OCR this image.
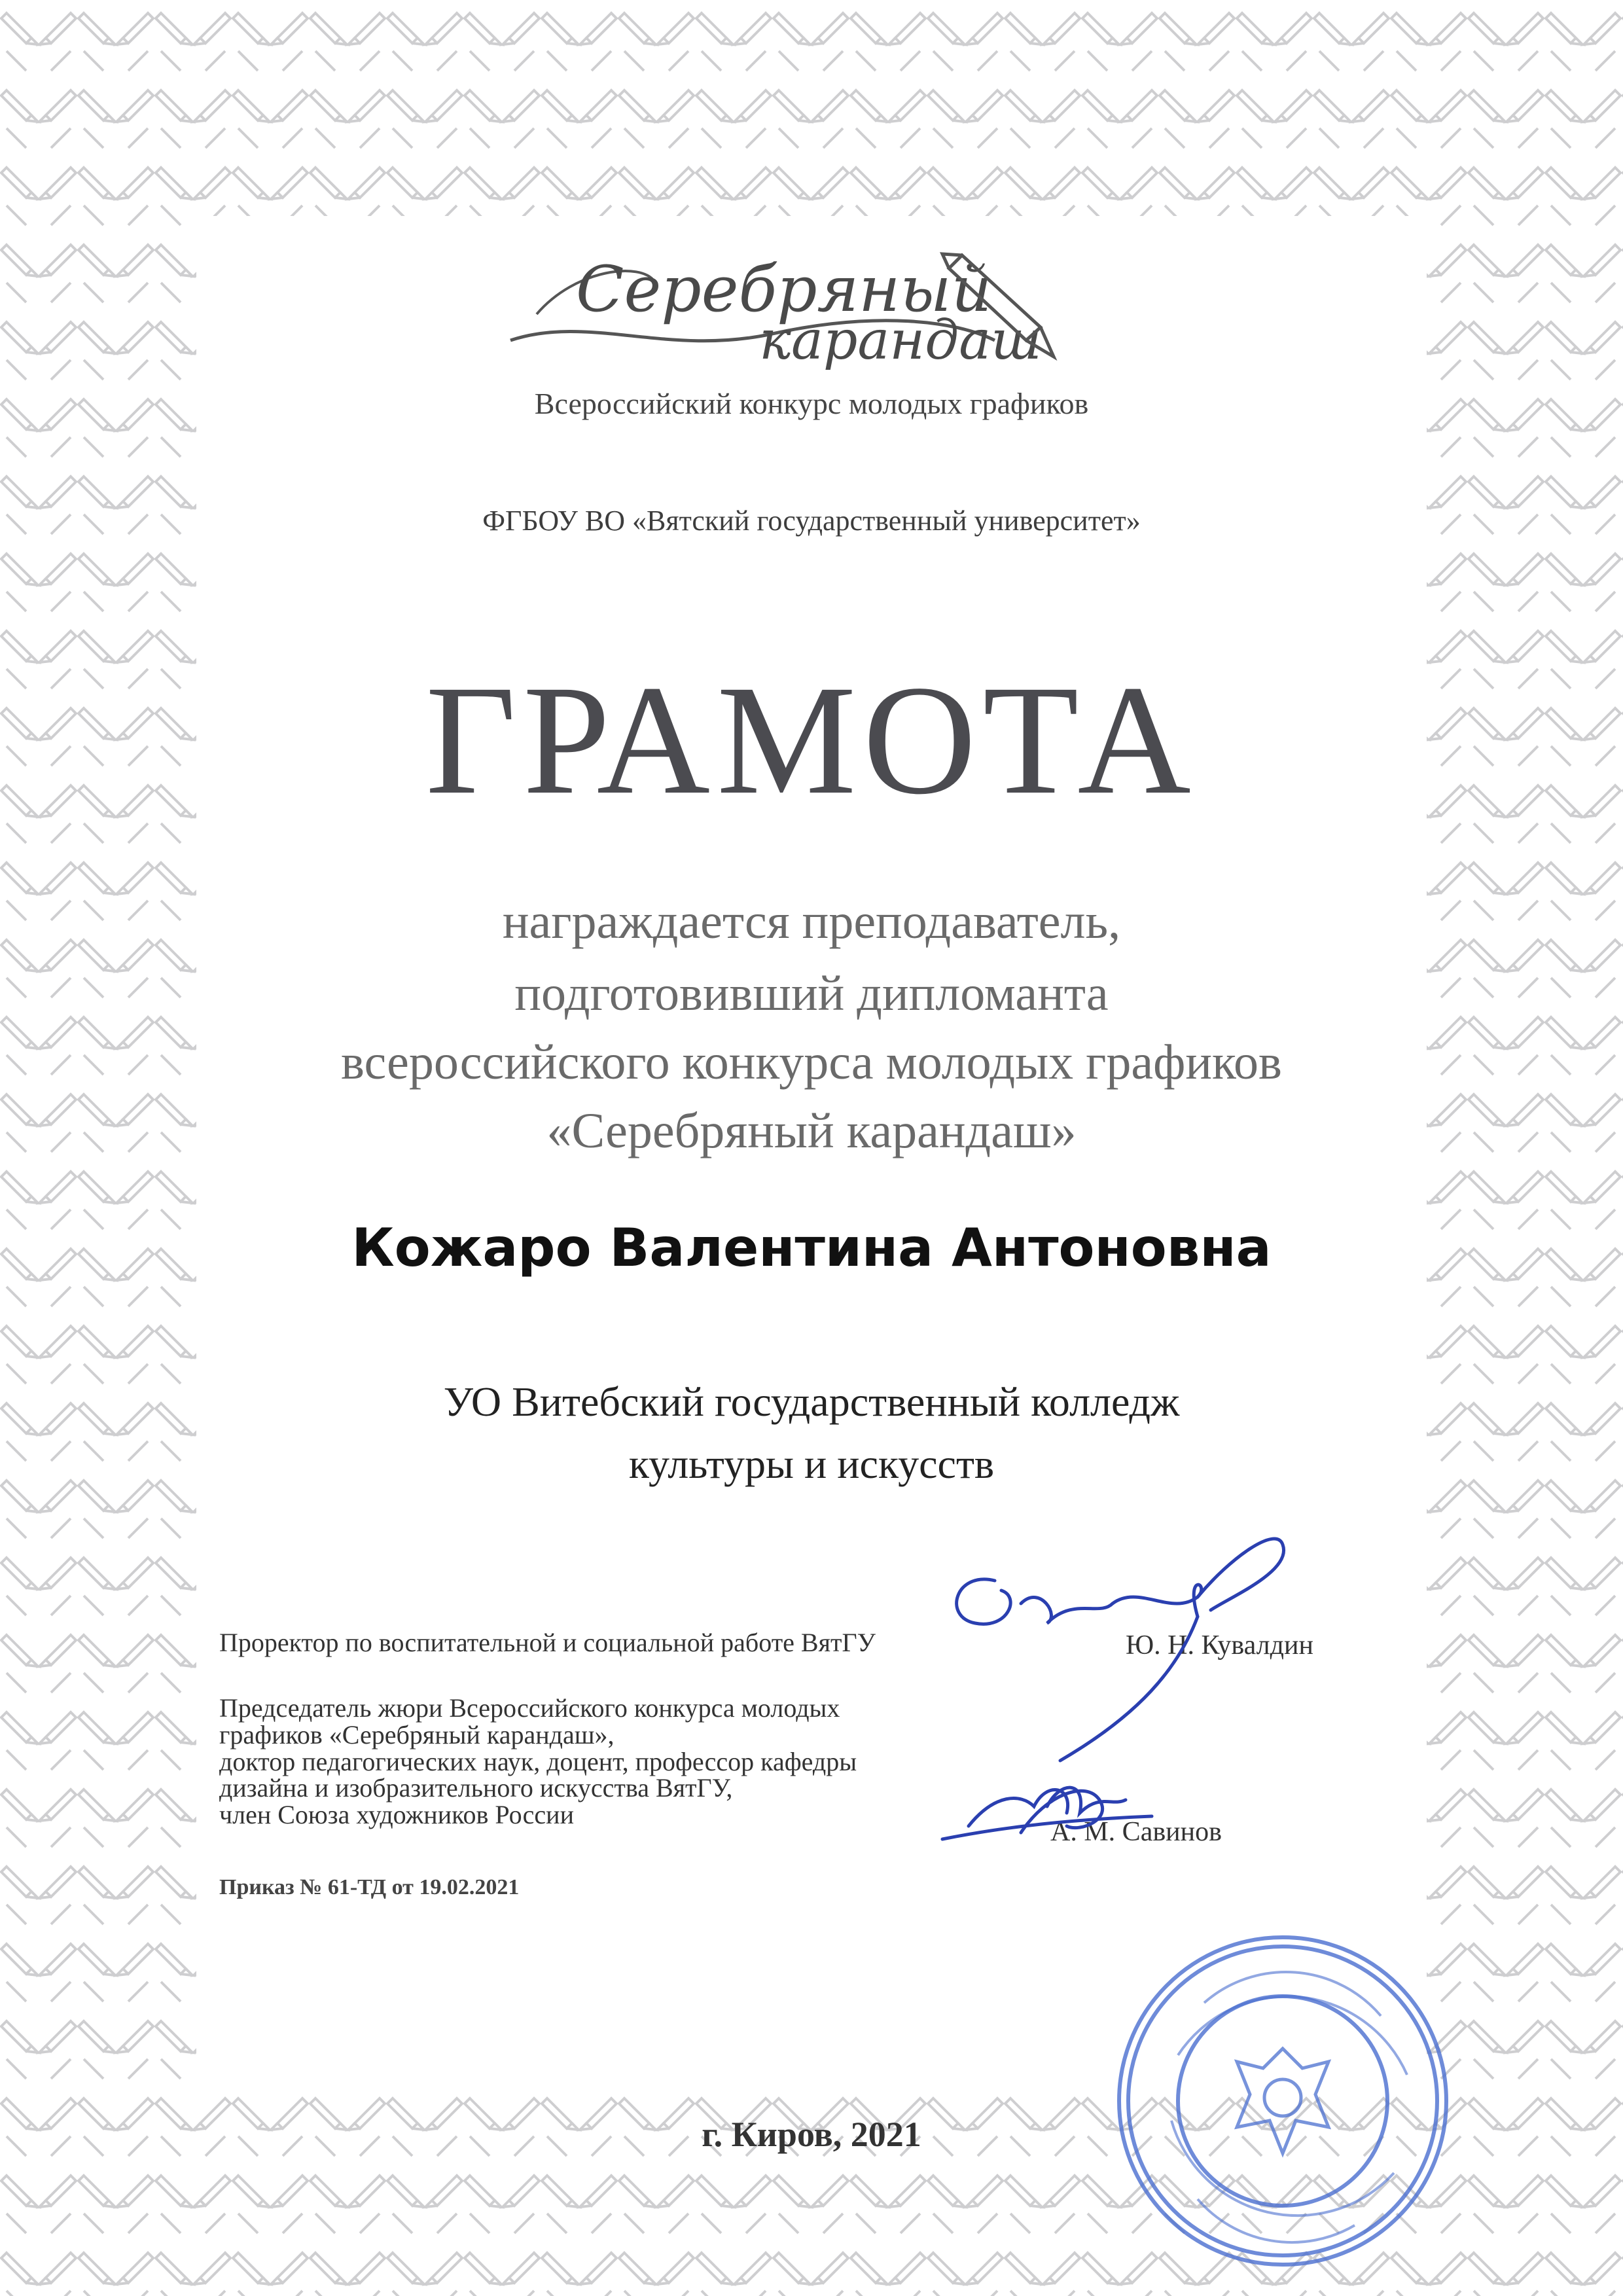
Серебряный
карандаш
Всероссийский конкурс молодых графиков
ФГБОУ ВО «Вятский государственный университет»
ГРАМОТА
награждается преподаватель,
подготовивший дипломанта
всероссийского конкурса молодых графиков
«Серебряный карандаш»
Кожаро Валентина Антоновна
УО Витебский государственный колледж
культуры и искусств
Проректор по воспитательной и социальной работе ВятГУ	Ю. Н. Кувалдин
Председатель жюри Всероссийского конкурса молодых
графиков «Серебряный карандаш»,
доктор педагогических наук, доцент, профессор кафедры
дизайна и изобразительного искусства ВятГУ,
член Союза художников России
А. М. Савинов
Приказ № 61-ТД от 19.02.2021
г. Киров, 2021
